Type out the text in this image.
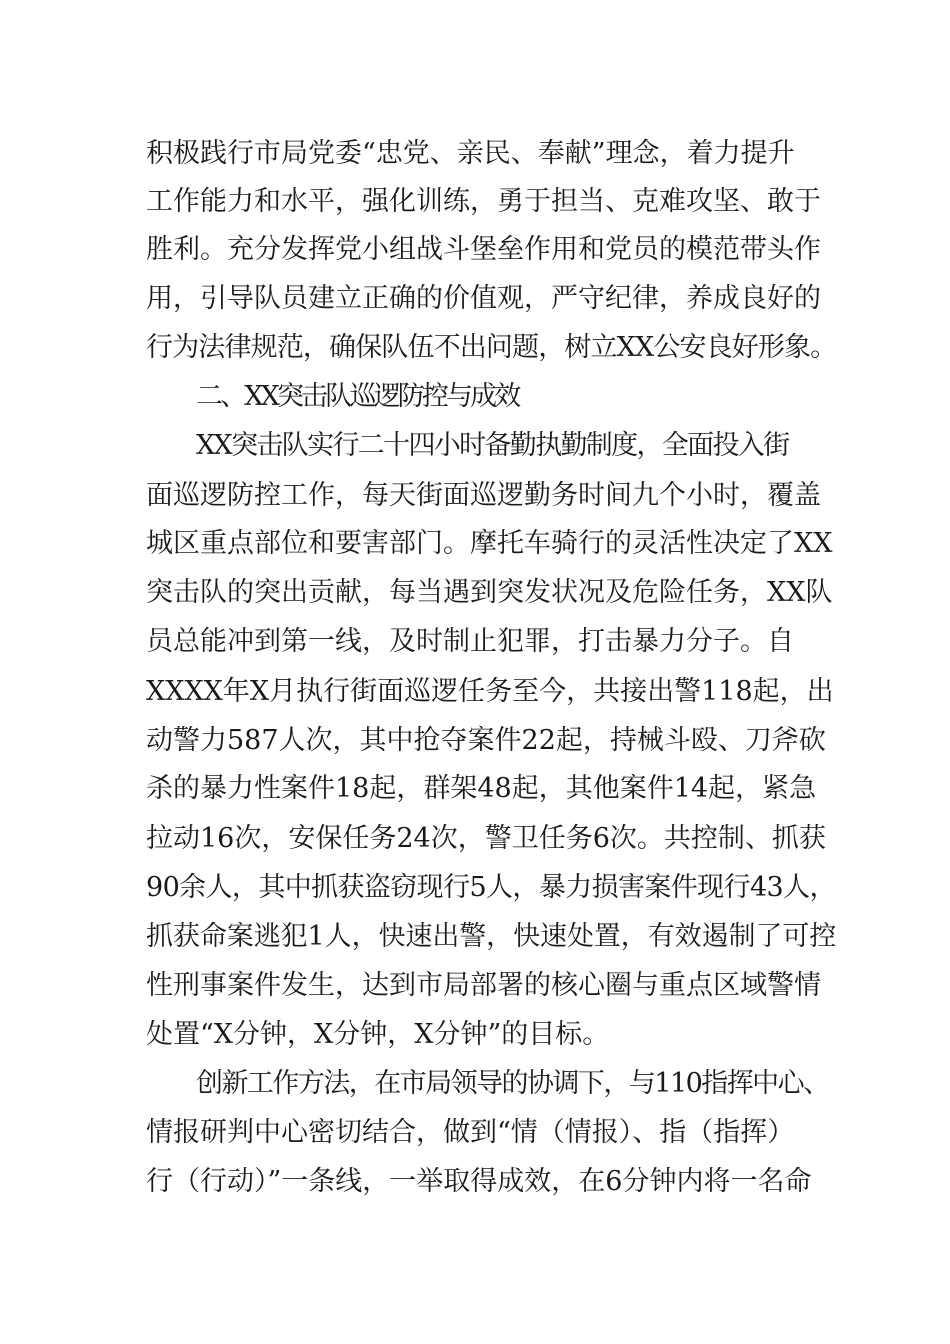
积极践行市局党委“忠党、亲民、奉献”理念，着力提升
工作能力和水平，强化训练，勇于担当、克难攻坚、敢于
胜利。充分发挥党小组战斗堡垒作用和党员的模范带头作
用，引导队员建立正确的价值观，严守纪律，养成良好的
行为法律规范，确保队伍不出问题，树立XX公安良好形象。
二、XX突击队巡逻防控与成效
XX突击队实行二十四小时备勤执勤制度，全面投入街
面巡逻防控工作，每天街面巡逻勤务时间九个小时，覆盖
城区重点部位和要害部门。摩托车骑行的灵活性决定了XX
突击队的突出贡献，每当遇到突发状况及危险任务，XX队
员总能冲到第一线，及时制止犯罪，打击暴力分子。自
XXXX年X月执行街面巡逻任务至今，共接出警118起，出
动警力587人次，其中抢夺案件22起，持械斗殴、刀斧砍
杀的暴力性案件18起，群架48起，其他案件14起，紧急
拉动16次，安保任务24次，警卫任务6次。共控制、抓获
90余人，其中抓获盗窃现行5人，暴力损害案件现行43人，
抓获命案逃犯1人，快速出警，快速处置，有效遏制了可控
性刑事案件发生，达到市局部署的核心圈与重点区域警情
处置“X分钟，X分钟，X分钟”的目标。
创新工作方法，在市局领导的协调下，与110指挥中心、
情报研判中心密切结合，做到“情（情报）、指（指挥）
行（行动）”一条线，一举取得成效，在6分钟内将一名命
